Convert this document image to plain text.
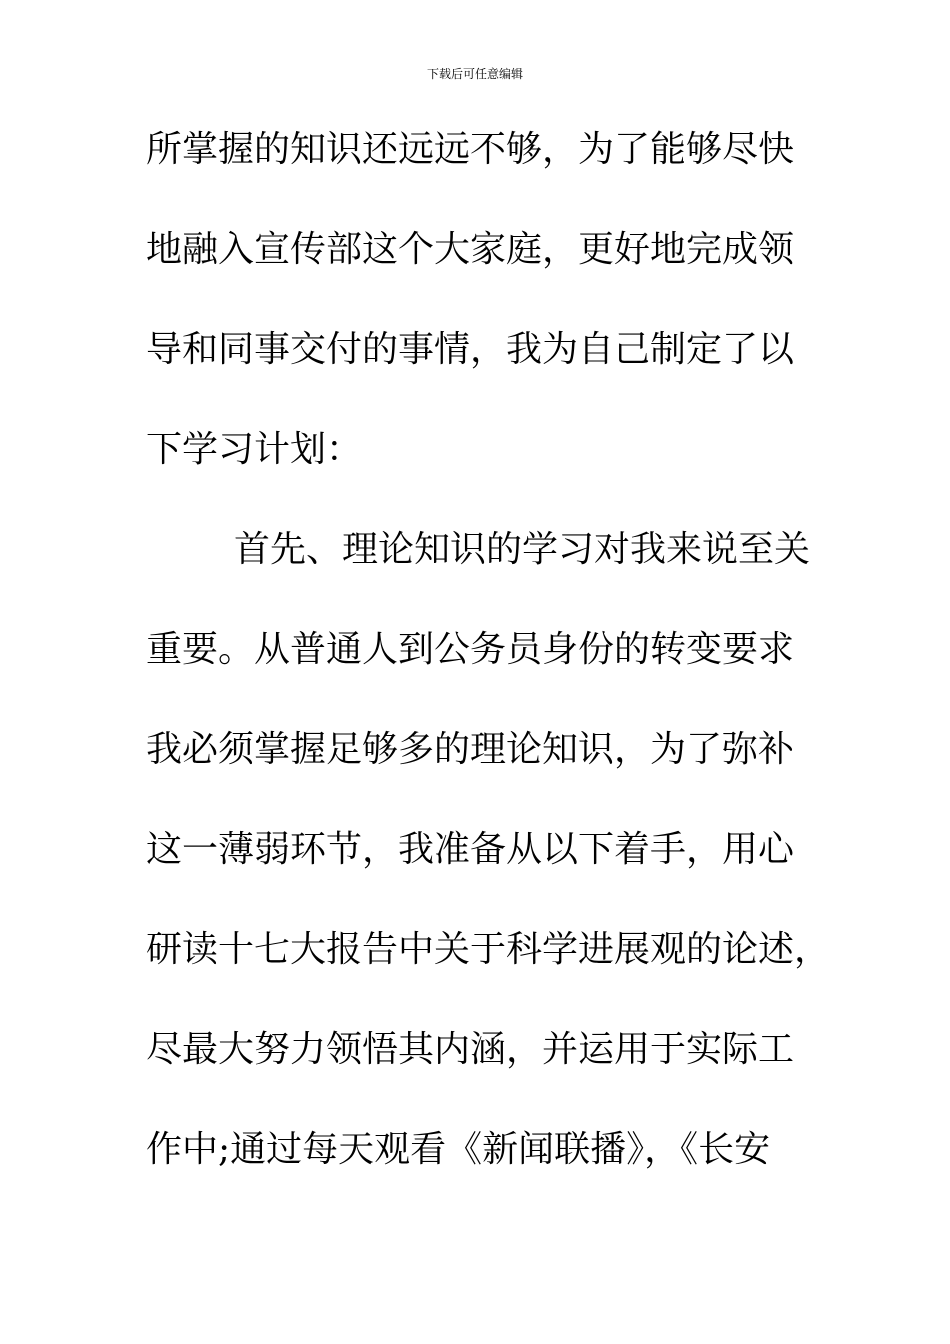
下载后可任意编辑
所掌握的知识还远远不够，为了能够尽快
地融入宣传部这个大家庭，更好地完成领
导和同事交付的事情，我为自己制定了以
下学习计划：
首先、理论知识的学习对我来说至关
重要。从普通人到公务员身份的转变要求
我必须掌握足够多的理论知识，为了弥补
这一薄弱环节，我准备从以下着手，用心
研读十七大报告中关于科学进展观的论述，
尽最大努力领悟其内涵，并运用于实际工
作中;通过每天观看《新闻联播》，《长安
